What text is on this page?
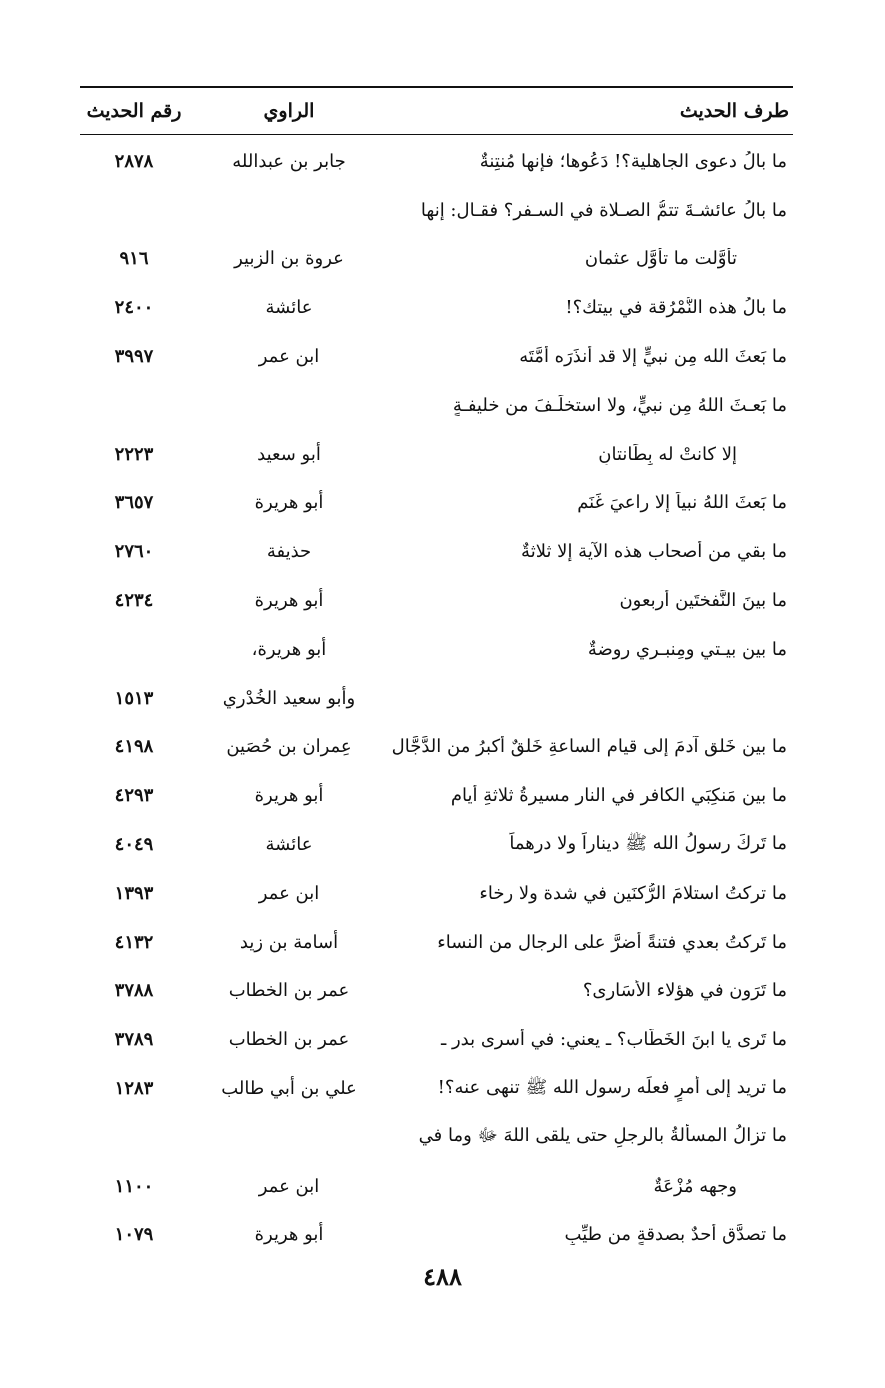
طرف الحديث
الراوي
رقم الحديث
ما بالُ دعوى الجاهلية؟! دَعُوها؛ فإنها مُنتِنةٌ
جابر بن عبدالله
٢٨٧٨
ما بالُ عائشـةَ تتمُّ الصـلاة في السـفر؟ فقـال: إنها
تأوَّلت ما تأوَّل عثمان
عروة بن الزبير
٩١٦
ما بالُ هذه النُّمْرُقة في بيتك؟!
عائشة
٢٤٠٠
ما بَعثَ الله مِن نبيٍّ إلا قد أَنذَرَه أُمَّتَه
ابن عمر
٣٩٩٧
ما بَعـثَ اللهُ مِن نبيٍّ، ولا استخلَـفَ من خليفـةٍ
إلا كانتْ له بِطَانتانِ
أبو سعيد
٢٢٢٣
ما بَعثَ اللهُ نبياً إلا راعيَ غَنَمٍ
أبو هريرة
٣٦٥٧
ما بقي من أصحاب هذه الآية إلا ثلاثةٌ
حذيفة
٢٧٦٠
ما بينَ النَّفختَين أربعون
أبو هريرة
٤٢٣٤
ما بين بيـتي ومِنبـري روضةٌ
أبو هريرة،
وأبو سعيد الخُدْري
١٥١٣
ما بين خَلقِ آدمَ إلى قيامِ الساعةِ خَلقٌ أكبرُ من الدَّجَّال
عِمران بن حُصَين
٤١٩٨
ما بين مَنكِبَي الكافرِ في النارِ مسيرةُ ثلاثةِ أيامٍ
أبو هريرة
٤٢٩٣
ما تَركَ رسولُ الله ﷺ ديناراً ولا درهماً
عائشة
٤٠٤٩
ما تركتُ استلامَ الرُّكنَين في شدة ولا رخاء
ابن عمر
١٣٩٣
ما تَركتُ بعدي فتنةً أضرَّ على الرجال من النساء
أسامة بن زيد
٤١٣٢
ما تَرَون في هؤلاء الأُسَارى؟
عمر بن الخطاب
٣٧٨٨
ما تَرى يا ابنَ الخَطَّاب؟ ـ يعني: في أسرى بدر ـ
عمر بن الخطاب
٣٧٨٩
ما تريد إلى أمرٍ فعلَه رسول الله ﷺ تنهى عنه؟!
علي بن أبي طالب
١٢٨٣
ما تزالُ المسألةُ بالرجلِ حتى يلقى اللهَ ﷻ وما في
وجهه مُزْعَةٌ
ابن عمر
١١٠٠
ما تصدَّق أحدٌ بصدقةٍ من طيِّبٍ
أبو هريرة
١٠٧٩
٤٨٨
